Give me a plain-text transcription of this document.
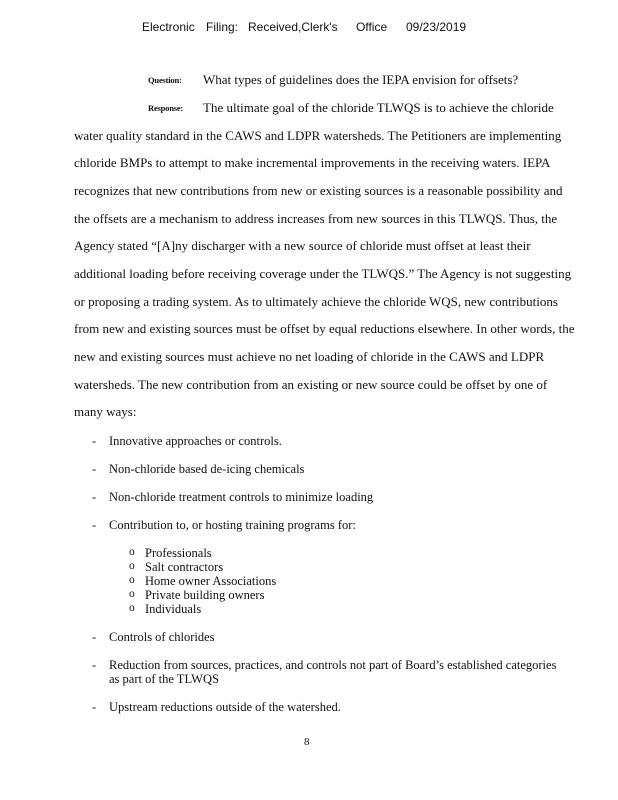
Electronic Filing: Received,Clerk's Office 09/23/2019
Question: What types of guidelines does the IEPA envision for offsets?
Response: The ultimate goal of the chloride TLWQS is to achieve the chloride
water quality standard in the CAWS and LDPR watersheds. The Petitioners are implementing
chloride BMPs to attempt to make incremental improvements in the receiving waters. IEPA
recognizes that new contributions from new or existing sources is a reasonable possibility and
the offsets are a mechanism to address increases from new sources in this TLWQS. Thus, the
Agency stated “[A]ny discharger with a new source of chloride must offset at least their
additional loading before receiving coverage under the TLWQS.” The Agency is not suggesting
or proposing a trading system. As to ultimately achieve the chloride WQS, new contributions
from new and existing sources must be offset by equal reductions elsewhere. In other words, the
new and existing sources must achieve no net loading of chloride in the CAWS and LDPR
watersheds. The new contribution from an existing or new source could be offset by one of
many ways:
- Innovative approaches or controls.
- Non-chloride based de-icing chemicals
- Non-chloride treatment controls to minimize loading
- Contribution to, or hosting training programs for:
o Professionals
o Salt contractors
o Home owner Associations
o Private building owners
o Individuals
- Controls of chlorides
- Reduction from sources, practices, and controls not part of Board’s established categories
as part of the TLWQS
- Upstream reductions outside of the watershed.
8
